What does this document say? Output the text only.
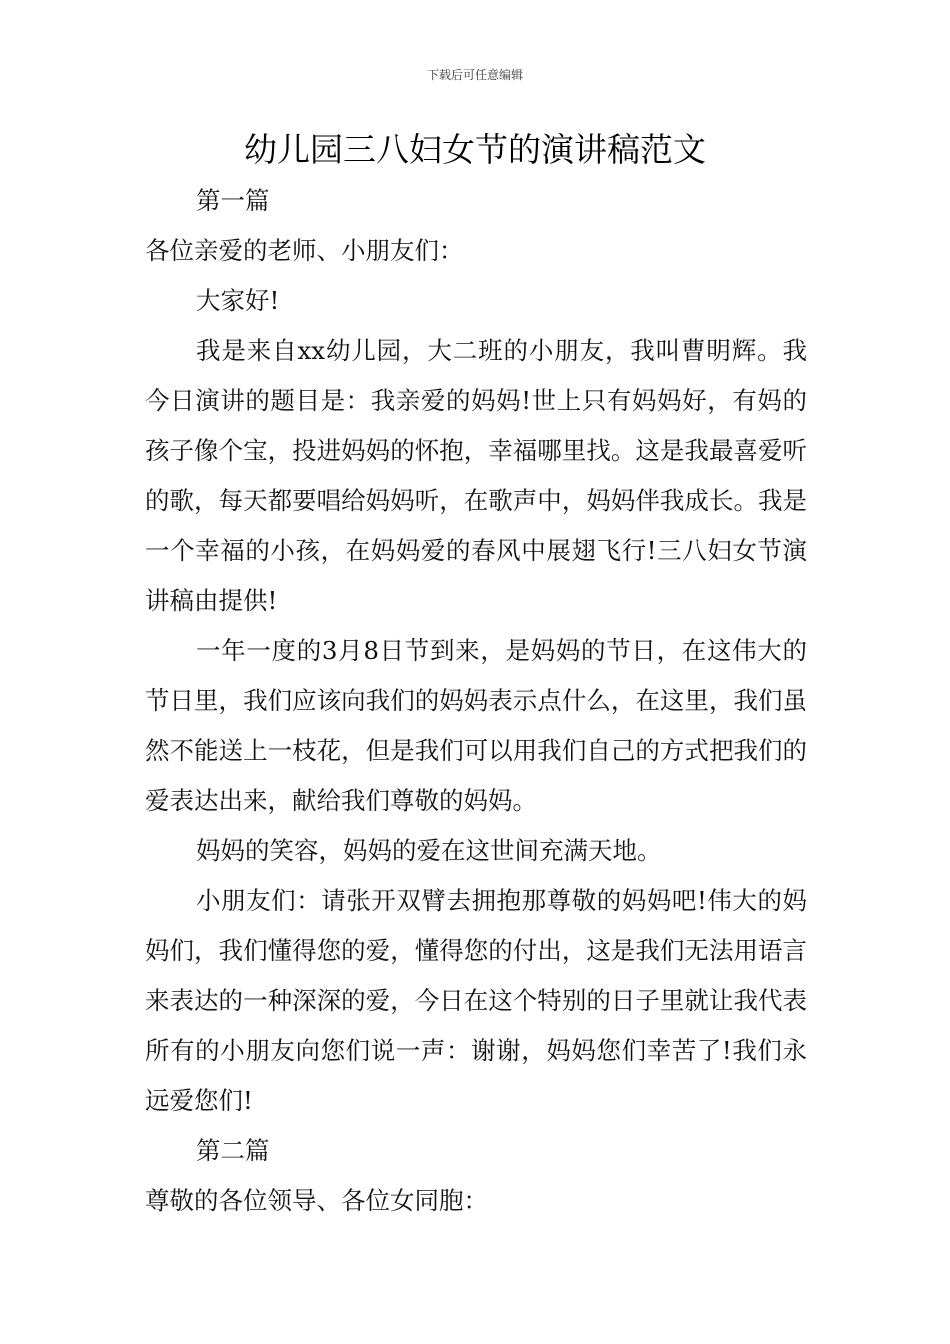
下载后可任意编辑
幼儿园三八妇女节的演讲稿范文

第一篇

各位亲爱的老师、小朋友们：

大家好!

我是来自xx幼儿园，大二班的小朋友，我叫曹明辉。我今日演讲的题目是：我亲爱的妈妈!世上只有妈妈好，有妈的孩子像个宝，投进妈妈的怀抱，幸福哪里找。这是我最喜爱听的歌，每天都要唱给妈妈听，在歌声中，妈妈伴我成长。我是一个幸福的小孩，在妈妈爱的春风中展翅飞行!三八妇女节演讲稿由提供!

一年一度的3月8日节到来，是妈妈的节日，在这伟大的节日里，我们应该向我们的妈妈表示点什么，在这里，我们虽然不能送上一枝花，但是我们可以用我们自己的方式把我们的爱表达出来，献给我们尊敬的妈妈。

妈妈的笑容，妈妈的爱在这世间充满天地。

小朋友们：请张开双臂去拥抱那尊敬的妈妈吧!伟大的妈妈们，我们懂得您的爱，懂得您的付出，这是我们无法用语言来表达的一种深深的爱，今日在这个特别的日子里就让我代表所有的小朋友向您们说一声：谢谢，妈妈您们幸苦了!我们永远爱您们!

第二篇

尊敬的各位领导、各位女同胞：
